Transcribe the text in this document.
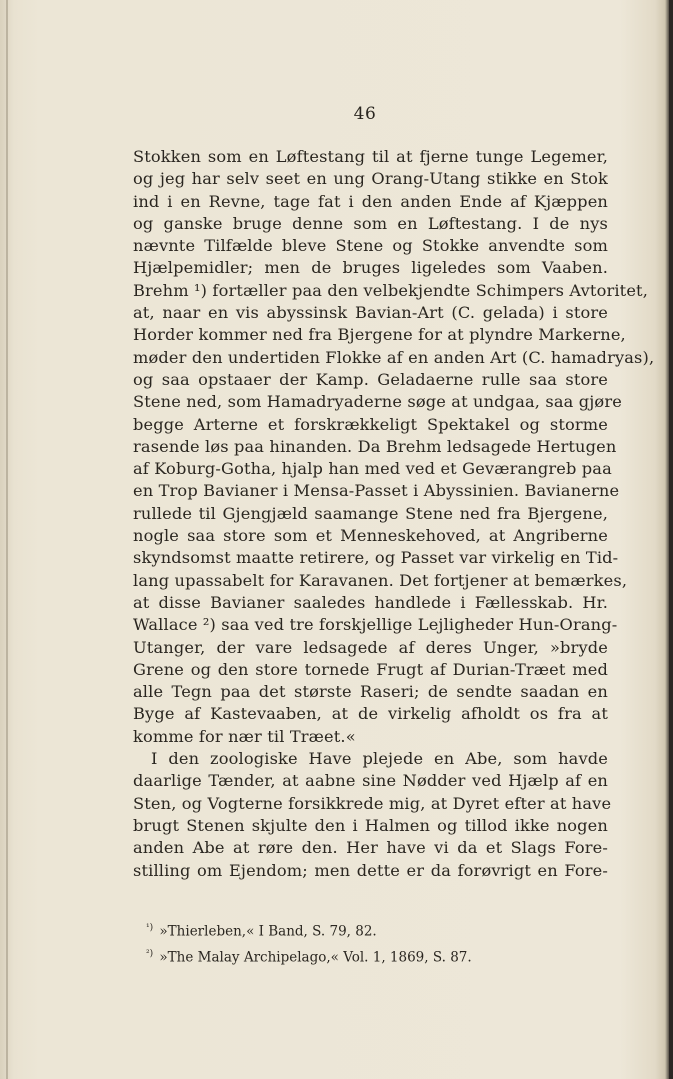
46
Stokken som en Løftestang til at fjerne tunge Legemer,
og jeg har selv seet en ung Orang-Utang stikke en Stok
ind i en Revne, tage fat i den anden Ende af Kjæppen
og ganske bruge denne som en Løftestang. I de nys
nævnte Tilfælde bleve Stene og Stokke anvendte som
Hjælpemidler; men de bruges ligeledes som Vaaben.
Brehm ¹) fortæller paa den velbekjendte Schimpers Avtoritet,
at, naar en vis abyssinsk Bavian-Art (C. gelada) i store
Horder kommer ned fra Bjergene for at plyndre Markerne,
møder den undertiden Flokke af en anden Art (C. hamadryas),
og saa opstaaer der Kamp. Geladaerne rulle saa store
Stene ned, som Hamadryaderne søge at undgaa, saa gjøre
begge Arterne et forskrækkeligt Spektakel og storme
rasende løs paa hinanden. Da Brehm ledsagede Hertugen
af Koburg-Gotha, hjalp han med ved et Geværangreb paa
en Trop Bavianer i Mensa-Passet i Abyssinien. Bavianerne
rullede til Gjengjæld saamange Stene ned fra Bjergene,
nogle saa store som et Menneskehoved, at Angriberne
skyndsomst maatte retirere, og Passet var virkelig en Tid-
lang upassabelt for Karavanen. Det fortjener at bemærkes,
at disse Bavianer saaledes handlede i Fællesskab. Hr.
Wallace ²) saa ved tre forskjellige Lejligheder Hun-Orang-
Utanger, der vare ledsagede af deres Unger, »bryde
Grene og den store tornede Frugt af Durian-Træet med
alle Tegn paa det største Raseri; de sendte saadan en
Byge af Kastevaaben, at de virkelig afholdt os fra at
komme for nær til Træet.«
I den zoologiske Have plejede en Abe, som havde
daarlige Tænder, at aabne sine Nødder ved Hjælp af en
Sten, og Vogterne forsikkrede mig, at Dyret efter at have
brugt Stenen skjulte den i Halmen og tillod ikke nogen
anden Abe at røre den. Her have vi da et Slags Fore-
stilling om Ejendom; men dette er da forøvrigt en Fore-
$^{^1)}$ »Thierleben,« I Band, S. 79, 82.
$^{^2)}$ »The Malay Archipelago,« Vol. 1, 1869, S. 87.
